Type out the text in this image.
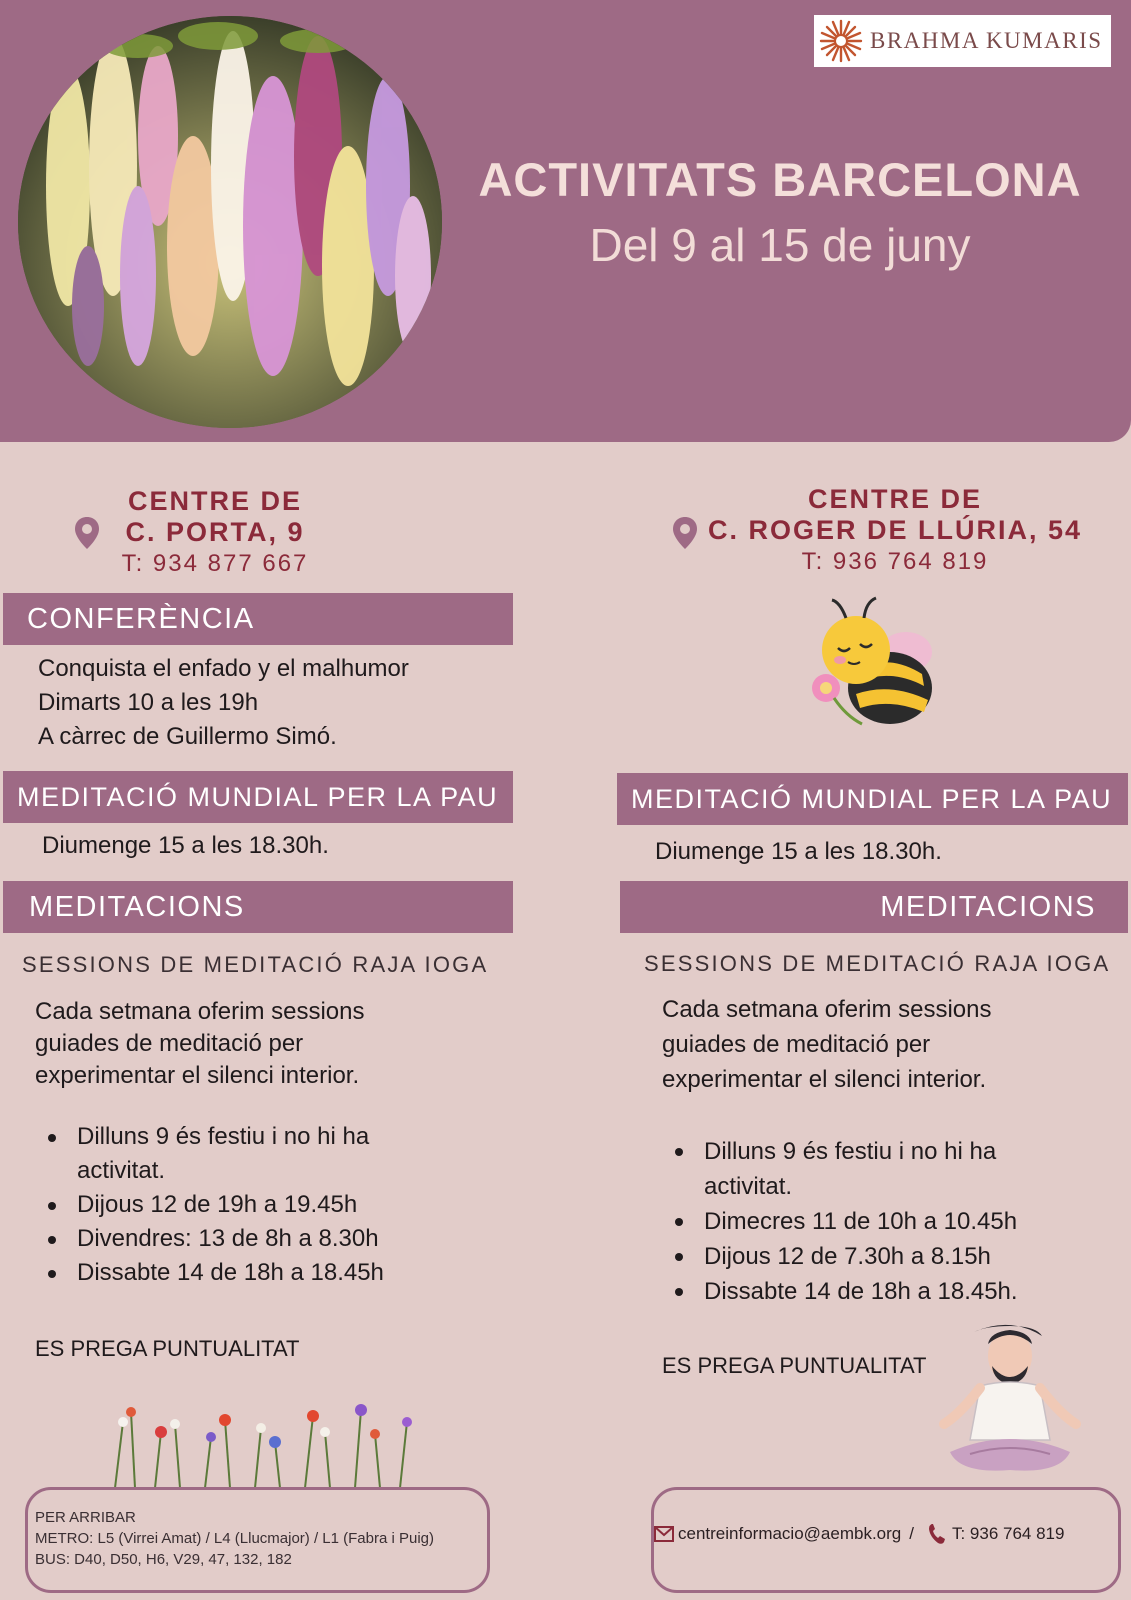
BRAHMA KUMARIS
ACTIVITATS BARCELONA
Del 9 al 15 de juny
CENTRE DE
C. PORTA, 9
T: 934 877 667
CENTRE DE
C. ROGER DE LLÚRIA, 54
T: 936 764 819
CONFERÈNCIA
Conquista el enfado y el malhumor
Dimarts 10 a les 19h
A càrrec de Guillermo Simó.
MEDITACIÓ MUNDIAL PER LA PAU
Diumenge 15 a les 18.30h.
MEDITACIONS
SESSIONS DE MEDITACIÓ RAJA IOGA
Cada setmana oferim sessions
guiades de meditació per
experimentar el silenci interior.
Dilluns 9 és festiu i no hi ha activitat.
Dijous 12 de 19h a 19.45h
Divendres: 13 de 8h a 8.30h
Dissabte 14 de 18h a 18.45h
ES PREGA PUNTUALITAT
MEDITACIÓ MUNDIAL PER LA PAU
Diumenge 15 a les 18.30h.
MEDITACIONS
SESSIONS DE MEDITACIÓ RAJA IOGA
Cada setmana oferim sessions
guiades de meditació per
experimentar el silenci interior.
Dilluns 9 és festiu i no hi ha activitat.
Dimecres 11 de 10h a 10.45h
Dijous 12 de 7.30h a 8.15h
Dissabte 14 de 18h a 18.45h.
ES PREGA PUNTUALITAT
PER ARRIBAR
METRO: L5 (Virrei Amat) / L4 (Llucmajor) / L1 (Fabra i Puig)
BUS: D40, D50, H6, V29, 47, 132, 182
centreinformacio@aembk.org / T: 936 764 819
